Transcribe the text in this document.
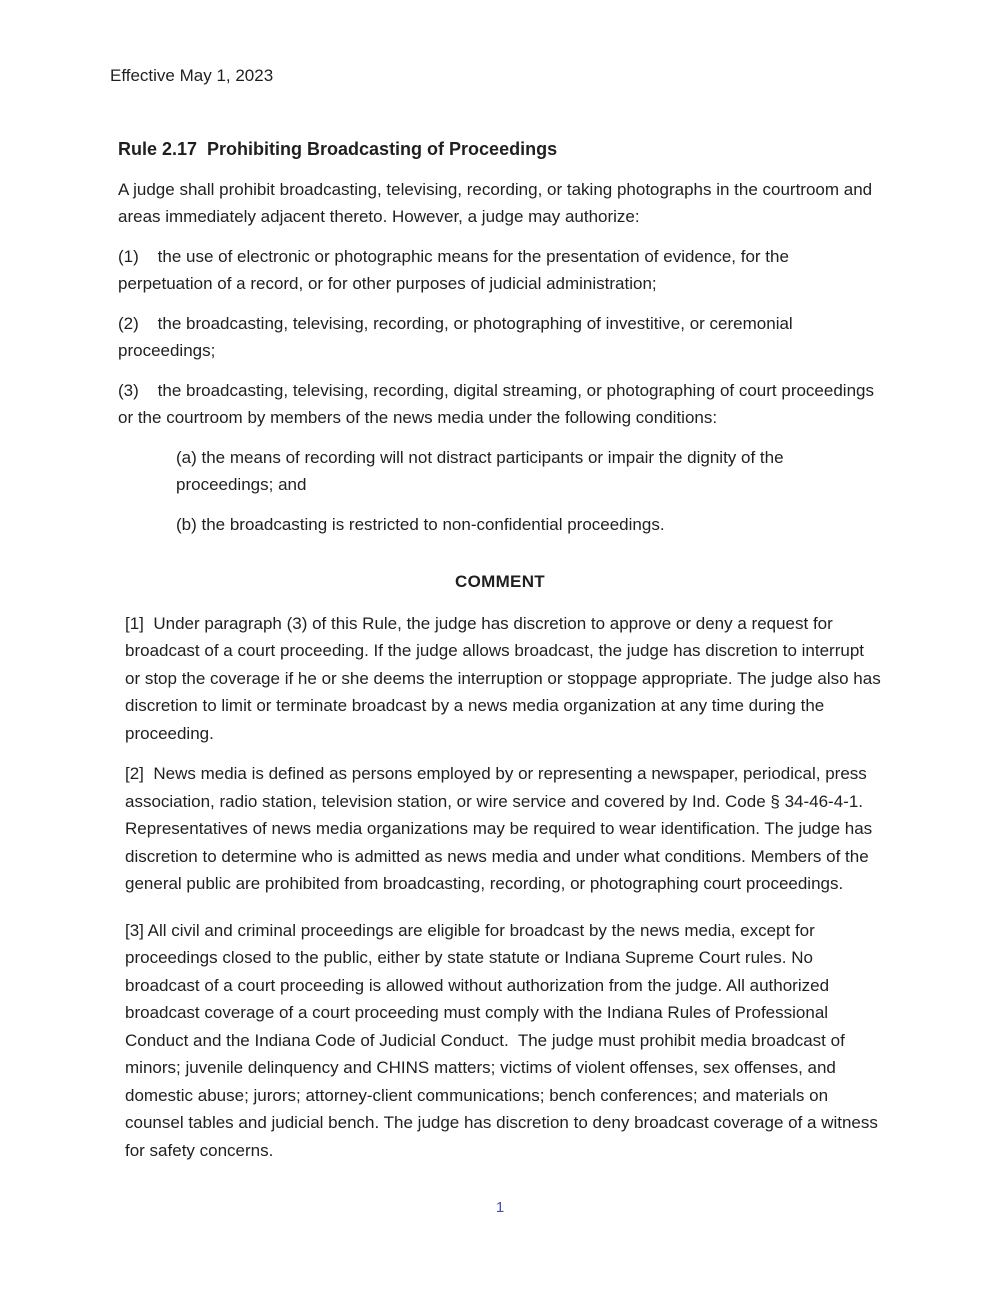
Effective May 1, 2023
Rule 2.17  Prohibiting Broadcasting of Proceedings

A judge shall prohibit broadcasting, televising, recording, or taking photographs in the courtroom and areas immediately adjacent thereto. However, a judge may authorize:

(1)    the use of electronic or photographic means for the presentation of evidence, for the perpetuation of a record, or for other purposes of judicial administration;

(2)    the broadcasting, televising, recording, or photographing of investitive, or ceremonial proceedings;

(3)    the broadcasting, televising, recording, digital streaming, or photographing of court proceedings or the courtroom by members of the news media under the following conditions:

(a) the means of recording will not distract participants or impair the dignity of the proceedings; and

(b) the broadcasting is restricted to non-confidential proceedings.

COMMENT

[1]  Under paragraph (3) of this Rule, the judge has discretion to approve or deny a request for broadcast of a court proceeding. If the judge allows broadcast, the judge has discretion to interrupt or stop the coverage if he or she deems the interruption or stoppage appropriate. The judge also has discretion to limit or terminate broadcast by a news media organization at any time during the proceeding.

[2]  News media is defined as persons employed by or representing a newspaper, periodical, press association, radio station, television station, or wire service and covered by Ind. Code § 34-46-4-1. Representatives of news media organizations may be required to wear identification. The judge has discretion to determine who is admitted as news media and under what conditions. Members of the general public are prohibited from broadcasting, recording, or photographing court proceedings.

[3] All civil and criminal proceedings are eligible for broadcast by the news media, except for proceedings closed to the public, either by state statute or Indiana Supreme Court rules. No broadcast of a court proceeding is allowed without authorization from the judge. All authorized broadcast coverage of a court proceeding must comply with the Indiana Rules of Professional Conduct and the Indiana Code of Judicial Conduct.  The judge must prohibit media broadcast of minors; juvenile delinquency and CHINS matters; victims of violent offenses, sex offenses, and domestic abuse; jurors; attorney-client communications; bench conferences; and materials on counsel tables and judicial bench. The judge has discretion to deny broadcast coverage of a witness for safety concerns.

1
